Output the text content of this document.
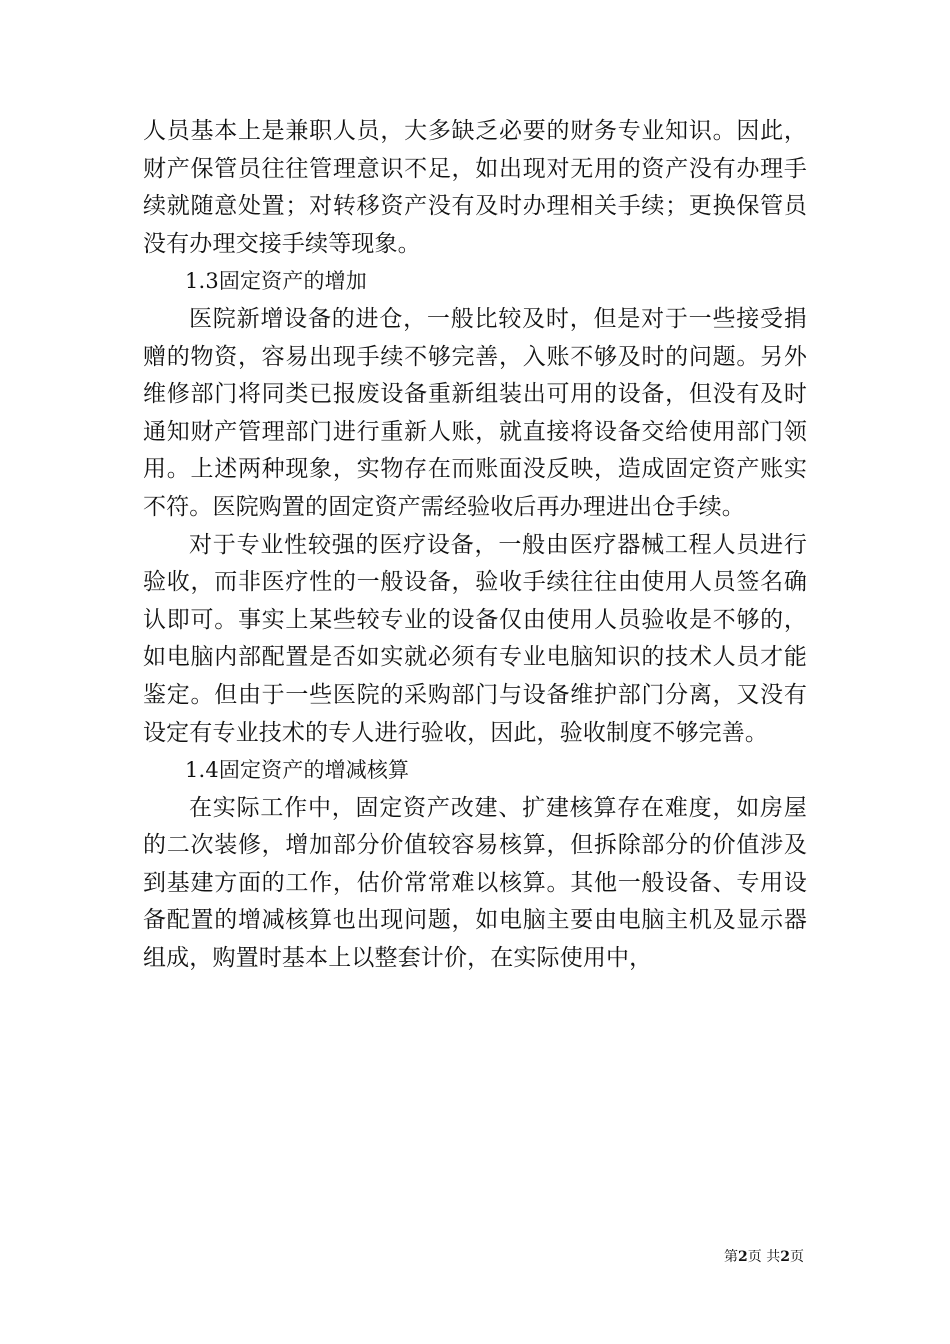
人员基本上是兼职人员，大多缺乏必要的财务专业知识。因此，财产保管员往往管理意识不足，如出现对无用的资产没有办理手续就随意处置；对转移资产没有及时办理相关手续；更换保管员没有办理交接手续等现象。

1.3固定资产的增加

医院新增设备的进仓，一般比较及时，但是对于一些接受捐赠的物资，容易出现手续不够完善，入账不够及时的问题。另外维修部门将同类已报废设备重新组装出可用的设备，但没有及时通知财产管理部门进行重新人账，就直接将设备交给使用部门领用。上述两种现象，实物存在而账面没反映，造成固定资产账实不符。医院购置的固定资产需经验收后再办理进出仓手续。

对于专业性较强的医疗设备，一般由医疗器械工程人员进行验收，而非医疗性的一般设备，验收手续往往由使用人员签名确认即可。事实上某些较专业的设备仅由使用人员验收是不够的，如电脑内部配置是否如实就必须有专业电脑知识的技术人员才能鉴定。但由于一些医院的采购部门与设备维护部门分离，又没有设定有专业技术的专人进行验收，因此，验收制度不够完善。

1.4固定资产的增减核算

在实际工作中，固定资产改建、扩建核算存在难度，如房屋的二次装修，增加部分价值较容易核算，但拆除部分的价值涉及到基建方面的工作，估价常常难以核算。其他一般设备、专用设备配置的增减核算也出现问题，如电脑主要由电脑主机及显示器组成，购置时基本上以整套计价，在实际使用中，

第2页 共2页
